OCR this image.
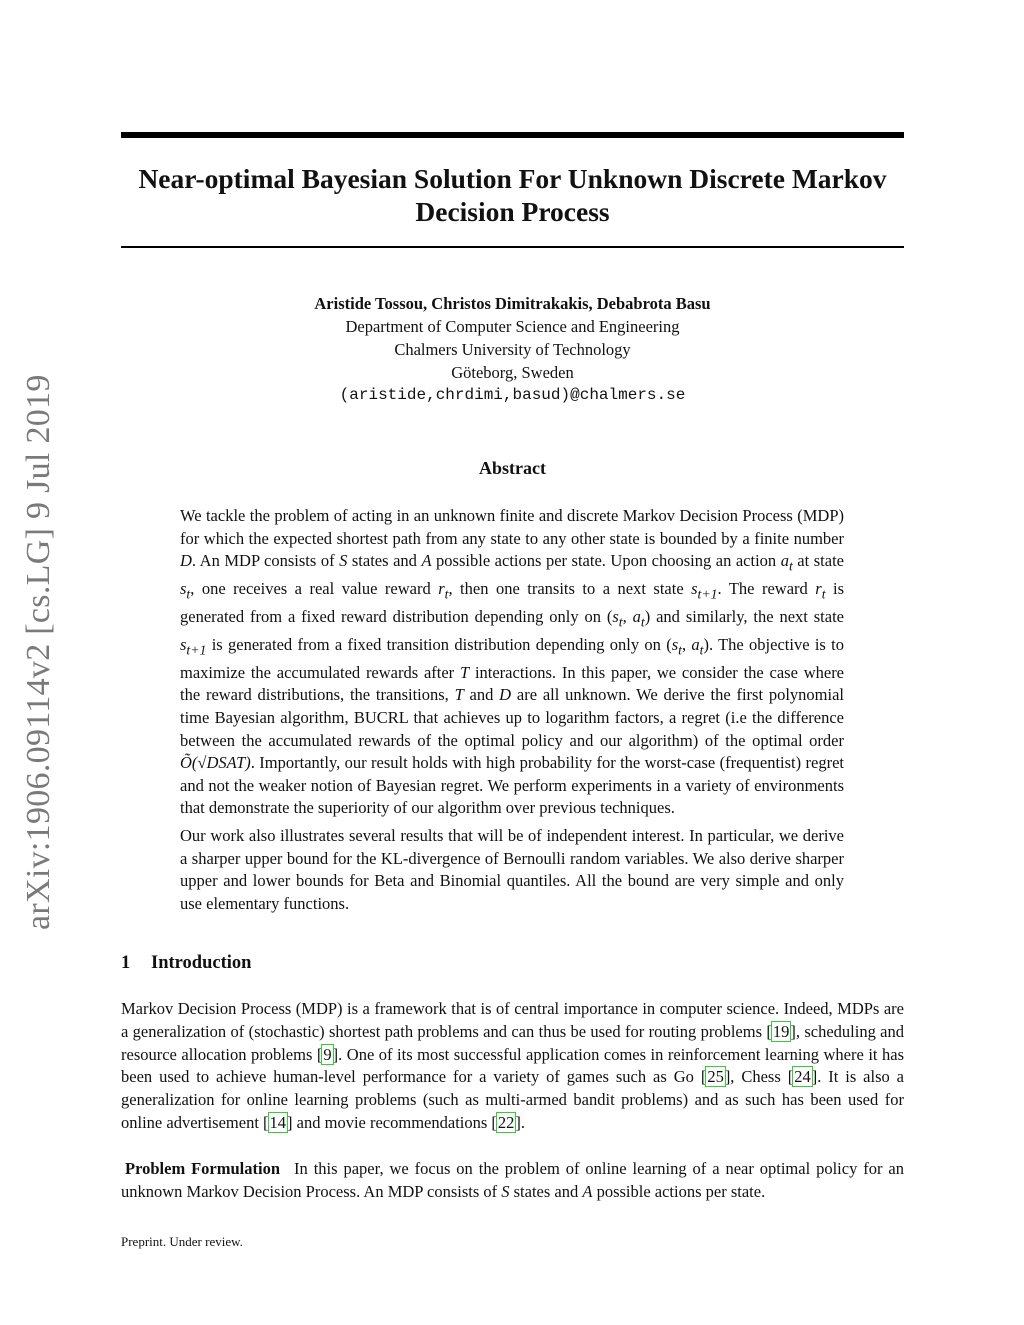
arXiv:1906.09114v2 [cs.LG] 9 Jul 2019
Near-optimal Bayesian Solution For Unknown Discrete Markov Decision Process
Aristide Tossou, Christos Dimitrakakis, Debabrota Basu
Department of Computer Science and Engineering
Chalmers University of Technology
Göteborg, Sweden
(aristide,chrdimi,basud)@chalmers.se
Abstract

We tackle the problem of acting in an unknown finite and discrete Markov Decision Process (MDP) for which the expected shortest path from any state to any other state is bounded by a finite number D. An MDP consists of S states and A possible actions per state. Upon choosing an action $a_t$ at state $s_t$, one receives a real value reward $r_t$, then one transits to a next state $s_{t+1}$. The reward $r_t$ is generated from a fixed reward distribution depending only on ($s_t$, $a_t$) and similarly, the next state $s_{t+1}$ is generated from a fixed transition distribution depending only on ($s_t$, $a_t$). The objective is to maximize the accumulated rewards after T interactions. In this paper, we consider the case where the reward distributions, the transitions, T and D are all unknown. We derive the first polynomial time Bayesian algorithm, BUCRL that achieves up to logarithm factors, a regret (i.e the difference between the accumulated rewards of the optimal policy and our algorithm) of the optimal order Õ(√DSAT). Importantly, our result holds with high probability for the worst-case (frequentist) regret and not the weaker notion of Bayesian regret. We perform experiments in a variety of environments that demonstrate the superiority of our algorithm over previous techniques.

Our work also illustrates several results that will be of independent interest. In particular, we derive a sharper upper bound for the KL-divergence of Bernoulli random variables. We also derive sharper upper and lower bounds for Beta and Binomial quantiles. All the bound are very simple and only use elementary functions.

1 Introduction

Markov Decision Process (MDP) is a framework that is of central importance in computer science. Indeed, MDPs are a generalization of (stochastic) shortest path problems and can thus be used for routing problems [19], scheduling and resource allocation problems [9]. One of its most successful application comes in reinforcement learning where it has been used to achieve human-level performance for a variety of games such as Go [25], Chess [24]. It is also a generalization for online learning problems (such as multi-armed bandit problems) and as such has been used for online advertisement [14] and movie recommendations [22].

Problem Formulation In this paper, we focus on the problem of online learning of a near optimal policy for an unknown Markov Decision Process. An MDP consists of S states and A possible actions per state.

Preprint. Under review.
